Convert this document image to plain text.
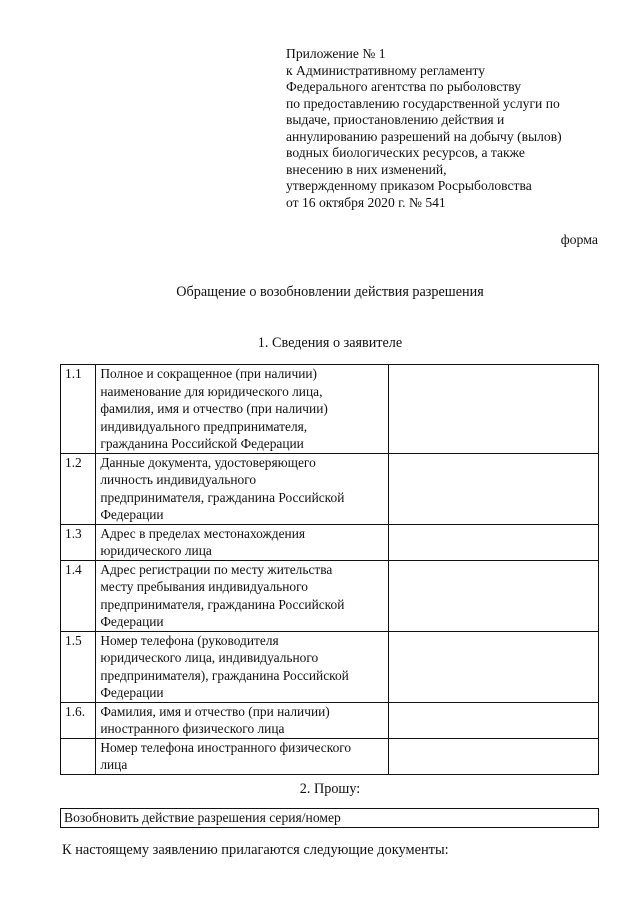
Приложение № 1
к Административному регламенту
Федерального агентства по рыболовству
по предоставлению государственной услуги по
выдаче, приостановлению действия и
аннулированию разрешений на добычу (вылов)
водных биологических ресурсов, а также
внесению в них изменений,
утвержденному приказом Росрыболовства
от 16 октября 2020 г. № 541
форма
Обращение о возобновлении действия разрешения
1. Сведения о заявителе
1.1	Полное и сокращенное (при наличии)
наименование для юридического лица,
фамилия, имя и отчество (при наличии)
индивидуального предпринимателя,
гражданина Российской Федерации	

1.2	Данные документа, удостоверяющего
личность индивидуального
предпринимателя, гражданина Российской
Федерации	

1.3	Адрес в пределах местонахождения
юридического лица	

1.4	Адрес регистрации по месту жительства
месту пребывания индивидуального
предпринимателя, гражданина Российской
Федерации	

1.5	Номер телефона (руководителя
юридического лица, индивидуального
предпринимателя), гражданина Российской
Федерации	

1.6.	Фамилия, имя и отчество (при наличии)
иностранного физического лица	

	Номер телефона иностранного физического
лица	

2. Прошу:
Возобновить действие разрешения серия/номер
К настоящему заявлению прилагаются следующие документы:
